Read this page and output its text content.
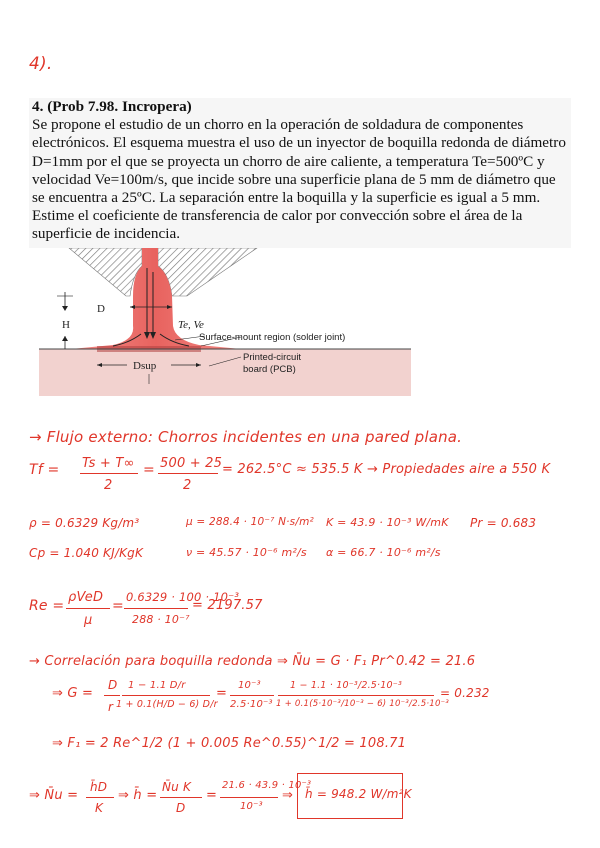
4).
4. (Prob 7.98. Incropera)
Se propone el estudio de un chorro en la operación de soldadura de componentes
electrónicos. El esquema muestra el uso de un inyector de boquilla redonda de diámetro
D=1mm por el que se proyecta un chorro de aire caliente, a temperatura Te=500ºC y
velocidad Ve=100m/s, que incide sobre una superficie plana de 5 mm de diámetro que
se encuentra a 25ºC. La separación entre la boquilla y la superficie es igual a 5 mm.
Estime el coeficiente de transferencia de calor por convección sobre el área de la
superficie de incidencia.
D
H	Te, Ve
Dsup
Surface-mount region (solder joint)
Printed-circuit
board (PCB)
→ Flujo externo: Chorros incidentes en una pared plana.
Tf = Ts + T∞
2
= 500 + 25
2
= 262.5°C ≈ 535.5 K → Propiedades aire a 550 K
ρ = 0.6329 Kg/m³	μ = 288.4 · 10⁻⁷ N·s/m² K = 43.9 · 10⁻³ W/mK Pr = 0.683
Cp = 1.040 KJ/KgK	ν = 45.57 · 10⁻⁶ m²/s α = 66.7 · 10⁻⁶ m²/s
Re =
ρVeD
μ
=
0.6329 · 100 · 10⁻³
288 · 10⁻⁷
= 2197.57
→ Correlación para boquilla redonda ⇒ N̄u = G · F₁ Pr^0.42 = 21.6
⇒ G =
D
r
1 − 1.1 D/r
1 + 0.1(H/D − 6) D/r
=
10⁻³
2.5·10⁻³
1 − 1.1 · 10⁻³/2.5·10⁻³
1 + 0.1(5·10⁻³/10⁻³ − 6) 10⁻³/2.5·10⁻³
= 0.232
⇒ F₁ = 2 Re^1/2 (1 + 0.005 Re^0.55)^1/2 = 108.71
⇒ N̄u =
h̄D
K
⇒ h̄ =
N̄u K
D
=
21.6 · 43.9 · 10⁻³
10⁻³
⇒ h̄ = 948.2 W/m²K
